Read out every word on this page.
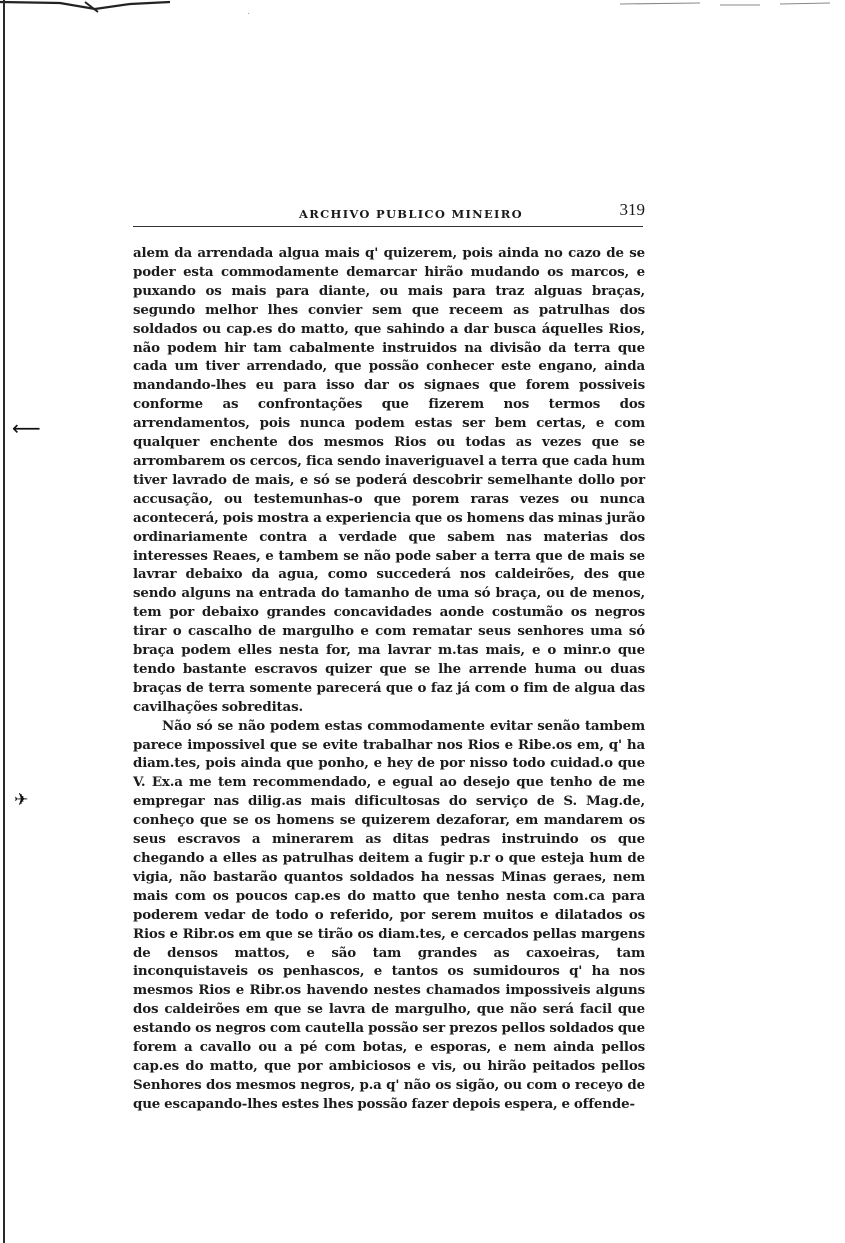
⟵
✈
ARCHIVO PUBLICO MINEIRO	319

alem da arrendada alguа mais q' quizerem, pois ainda no cazo de se poder esta commodamente demarcar hirão mudando os marcos, e puxando os mais para diante, ou mais para traz alguas braças, segundo melhor lhes convier sem que receem as patrulhas dos soldados ou cap.es do matto, que sahindo a dar busca áquelles Rios, não podem hir tam cabalmente instruidos na divisão da terra que cada um tiver arrendado, que possão conhecer este engano, ainda mandando-lhes eu para isso dar os signaes que forem possiveis conforme as confrontações que fizerem nos termos dos arrendamentos, pois nunca podem estas ser bem certas, e com qualquer enchente dos mesmos Rios ou todas as vezes que se arrombarem os cercos, fica sendo inaveriguavel a terra que cada hum tiver lavrado de mais, e só se poderá descobrir semelhante dollo por accusação, ou testemunhas-o que porem raras vezes ou nunca acontecerá, pois mostra a experiencia que os homens das minas jurão ordinariamente contra a verdade que sabem nas materias dos interesses Reaes, e tambem se não pode saber a terra que de mais se lavrar debaixo da agua, como succederá nos caldeirões, des que sendo alguns na entrada do tamanho de uma só braça, ou de menos, tem por debaixo grandes concavidades aonde costumão os negros tirar o cascalho de margulho e com rematar seus senhores uma só braça podem elles nesta for, ma lavrar m.tas mais, e o minr.o que tendo bastante escravos quizer que se lhe arrende huma ou duas braças de terra somente parecerá que o faz já com o fim de alguа das cavilhações sobreditas.

Não só se não podem estas commodamente evitar senão tambem parece impossivel que se evite trabalhar nos Rios e Ribe.os em, q' ha diam.tes, pois ainda que ponho, e hey de por nisso todo cuidad.o que V. Ex.a me tem recommendado, e egual ao desejo que tenho de me empregar nas dilig.as mais dificultosas do serviço de S. Mag.de, conheço que se os homens se quizerem dezaforar, em mandarem os seus escravos a minerarem as ditas pedras instruindo os que chegando a elles as patrulhas deitem a fugir p.r o que esteja hum de vigia, não bastarão quantos soldados ha nessas Minas geraes, nem mais com os poucos cap.es do matto que tenho nesta com.ca para poderem vedar de todo o referido, por serem muitos e dilatados os Rios e Ribr.os em que se tirão os diam.tes, e cercados pellas margens de densos mattos, e são tam grandes as caxoeiras, tam inconquistaveis os penhascos, e tantos os sumidouros q' ha nos mesmos Rios e Ribr.os havendo nestes chamados impossiveis alguns dos caldeirões em que se lavra de margulho, que não será facil que estando os negros com cautella possão ser prezos pellos soldados que forem a cavallo ou a pé com botas, e esporas, e nem ainda pellos cap.es do matto, que por ambiciosos e vis, ou hirão peitados pellos Senhores dos mesmos negros, p.a q' não os sigão, ou com o receyo de que escapando-lhes estes lhes possão fazer depois espera, e offende-
